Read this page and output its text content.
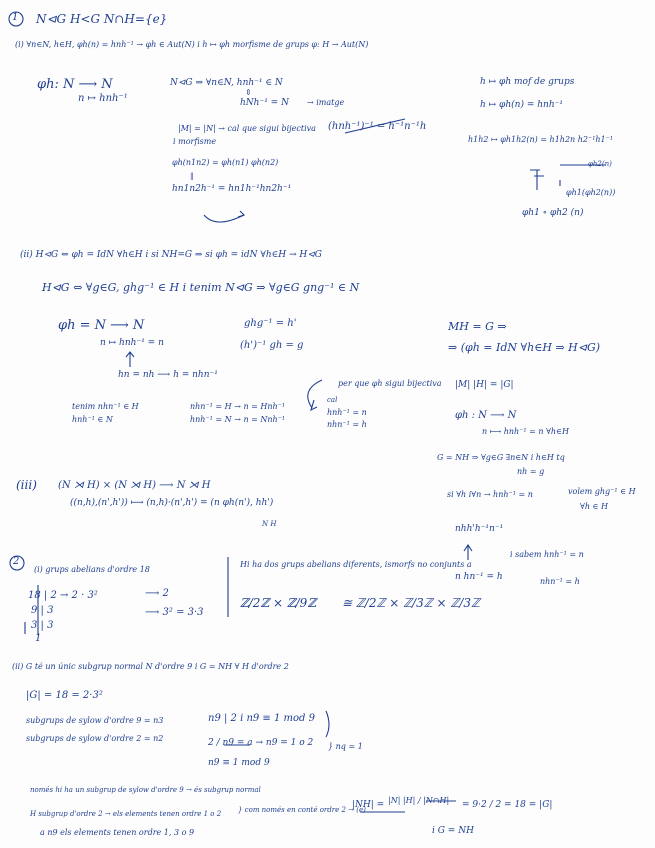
1 N⊲G H<G N∩H={e}
(i) ∀n∈N, h∈H, φh(n) = hnh⁻¹ → φh ∈ Aut(N) i h ↦ φh morfisme de grups φ: H → Aut(N)
φh: N ⟶ N
n ↦ hnh⁻¹
N⊲G ⇒ ∀n∈N, hnh⁻¹ ∈ N
⇕
hNh⁻¹ = N → imatge
|M| = |N| → cal que sigui bijectiva
i morfisme
φh(n1n2) = φh(n1) φh(n2)
‖
hn1n2h⁻¹ = hn1h⁻¹hn2h⁻¹
(hnh⁻¹)⁻¹ = h⁻¹n⁻¹h
h ↦ φh mof de grups
h ↦ φh(n) = hnh⁻¹
h1h2 ↦ φh1h2(n) = h1h2n h2⁻¹h1⁻¹
φh2(n)
φh1(φh2(n))
φh1 ∘ φh2 (n)
(ii) H⊲G ⇔ φh = IdN ∀h∈H i si NH=G ⇒ si φh = idN ∀h∈H → H⊲G
H⊲G ⇔ ∀g∈G, ghg⁻¹ ∈ H i tenim N⊲G ⇒ ∀g∈G gng⁻¹ ∈ N
φh = N ⟶ N
n ↦ hnh⁻¹ = n
hn = nh ⟶ h = nhn⁻¹
tenim nhn⁻¹ ∈ H
hnh⁻¹ ∈ N
nhn⁻¹ = H → n = Hnh⁻¹
hnh⁻¹ = N → n = Nnh⁻¹
ghg⁻¹ = h'
(h')⁻¹ gh = g
per que φh sigui bijectiva
cal
hnh⁻¹ = n
nhn⁻¹ = h
MH = G ⇒
⇒ (φh = IdN ∀h∈H ⇒ H⊲G)
|M| |H| = |G|
φh : N ⟶ N
n ⟼ hnh⁻¹ = n ∀h∈H
G = NH ⇒ ∀g∈G ∃n∈N i h∈H tq
nh = g
si ∀h i∀n → hnh⁻¹ = n	volem ghg⁻¹ ∈ H
∀h ∈ H
nhh'h⁻¹n⁻¹
i sabem hnh⁻¹ = n
n hn⁻¹ = h	nhn⁻¹ = h
(iii) (N ⋊ H) × (N ⋊ H) ⟶ N ⋊ H
((n,h),(n',h')) ⟼ (n,h)·(n',h') = (n φh(n'), hh')
N H
2
(i) grups abelians d'ordre 18
18 | 2 → 2 · 3²
9 | 3
3 | 3
1
⟶ 2
⟶ 3² = 3·3
Hi ha dos grups abelians diferents, ismorfs no conjunts a
ℤ/2ℤ × ℤ/9ℤ ≅ ℤ/2ℤ × ℤ/3ℤ × ℤ/3ℤ
(ii) G té un únic subgrup normal N d'ordre 9 i G = NH ∀ H d'ordre 2
|G| = 18 = 2·3²
subgrups de sylow d'ordre 9 = n3
subgrups de sylow d'ordre 2 = n2
n9 | 2 i n9 ≡ 1 mod 9
2 / n9 = a → n9 = 1 o 2 } nq = 1
n9 ≡ 1 mod 9
només hi ha un subgrup de sylow d'ordre 9 → és subgrup normal
H subgrup d'ordre 2 → els elements tenen ordre 1 o 2 } com només en conté ordre 2 → (e)
a n9 els elements tenen ordre 1, 3 o 9
|NH| = |N| |H| / |N∩H| = 9·2 / 2 = 18 = |G|
i G = NH
